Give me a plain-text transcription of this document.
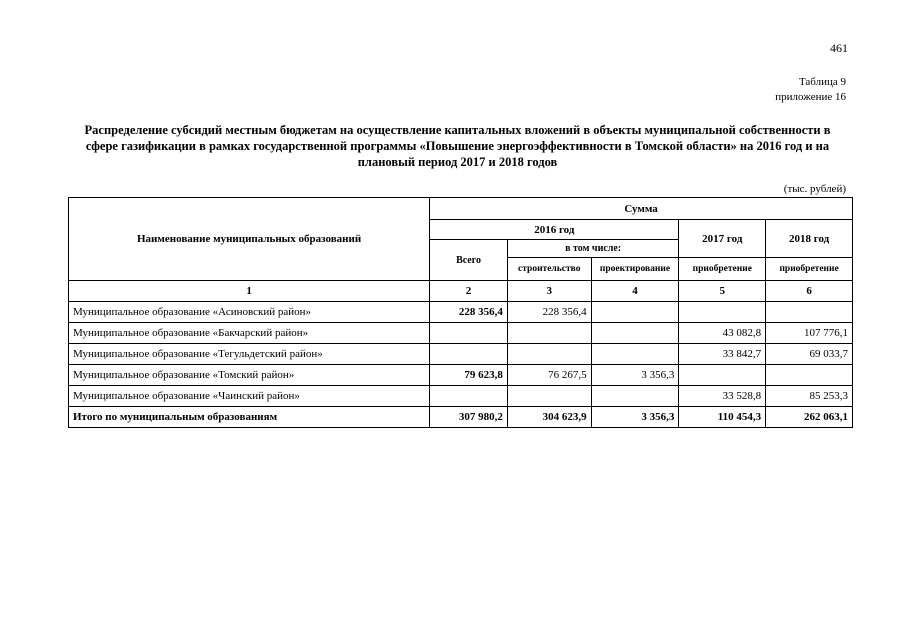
461
Таблица 9
приложение 16
Распределение субсидий местным бюджетам на осуществление капитальных вложений в объекты муниципальной собственности в сфере газификации в рамках государственной программы «Повышение энергоэффективности в Томской области» на 2016 год и на плановый период 2017 и 2018 годов
(тыс. рублей)
Наименование муниципальных образований	Сумма				
	2016 год			2017 год	2018 год
	Всего	в том числе:			
		строительство	проектирование	приобретение	приобретение
1	2	3	4	5	6
Муниципальное образование «Асиновский район»	228 356,4	228 356,4			
Муниципальное образование «Бакчарский район»				43 082,8	107 776,1
Муниципальное образование «Тегульдетский район»				33 842,7	69 033,7
Муниципальное образование «Томский район»	79 623,8	76 267,5	3 356,3		
Муниципальное образование «Чаинский район»				33 528,8	85 253,3
Итого по муниципальным образованиям	307 980,2	304 623,9	3 356,3	110 454,3	262 063,1
